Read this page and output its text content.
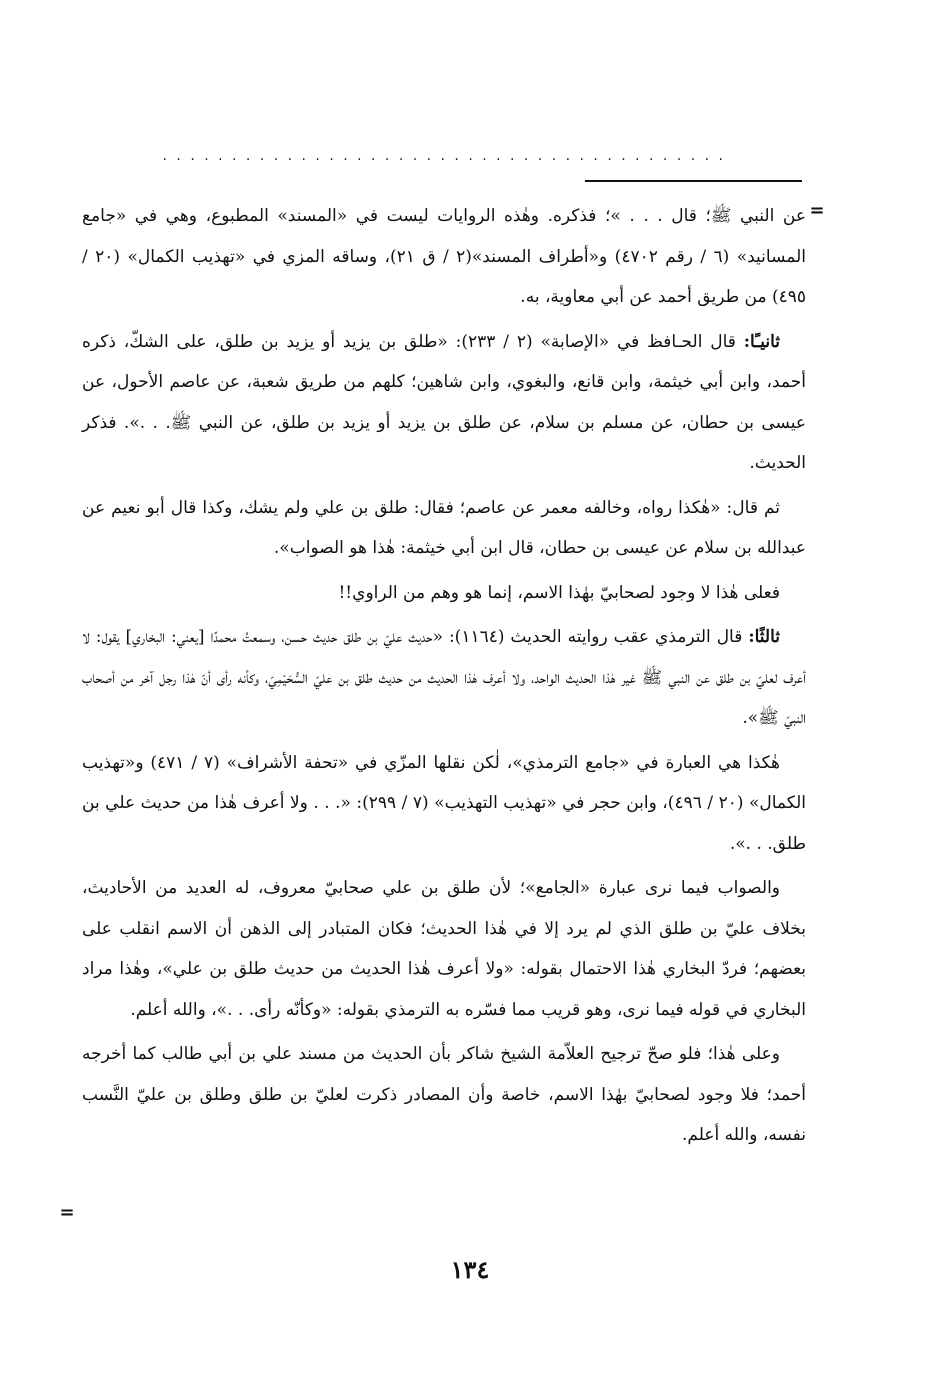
. . . . . . . . . . . . . . . . . . . . . . . . . . . . . . . . . . . . . . . . .
=
=

عن النبي ﷺ؛ قال . . . »؛ فذكره. وهٰذه الروايات ليست في «المسند» المطبوع، وهي في «جامع المسانيد» (٦ / رقم ٤٧٠٢) و«أطراف المسند»(٢ / ق ٢١)، وساقه المزي في «تهذيب الكمال» (٢٠ / ٤٩٥) من طريق أحمد عن أبي معاوية، به.

ثانيـًا: قال الحـافظ في «الإصابة» (٢ / ٢٣٣): «طلق بن يزيد أو يزيد بن طلق، على الشكّ، ذكره أحمد، وابن أبي خيثمة، وابن قانع، والبغوي، وابن شاهين؛ كلهم من طريق شعبة، عن عاصم الأحول، عن عيسى بن حطان، عن مسلم بن سلام، عن طلق بن يزيد أو يزيد بن طلق، عن النبي ﷺ. . .». فذكر الحديث.

ثم قال: «هٰكذا رواه، وخالفه معمر عن عاصم؛ فقال: طلق بن علي ولم يشك، وكذا قال أبو نعيم عن عبدالله بن سلام عن عيسى بن حطان، قال ابن أبي خيثمة: هٰذا هو الصواب».

فعلى هٰذا لا وجود لصحابيّ بهٰذا الاسم، إنما هو وهم من الراوي!!

ثالثًا: قال الترمذي عقب روايته الحديث (١١٦٤): «حديث عليّ بن طلق حديث حسن، وسمعتُ محمدًا [يعني: البخاري] يقول: لا أعرف لعليّ بن طلق عن النبي ﷺ غير هٰذا الحديث الواحد، ولا أعرف هٰذا الحديث من حديث طلق بن عليّ السُّحَيْمِيّ، وكأنه رأى أنّ هٰذا رجل آخر من أصحاب النبيّ ﷺ».

هٰكذا هي العبارة في «جامع الترمذي»، لٰكن نقلها المزّي في «تحفة الأشراف» (٧ / ٤٧١) و«تهذيب الكمال» (٢٠ / ٤٩٦)، وابن حجر في «تهذيب التهذيب» (٧ / ٢٩٩): «. . . ولا أعرف هٰذا من حديث علي بن طلق. . .».

والصواب فيما نرى عبارة «الجامع»؛ لأن طلق بن علي صحابيّ معروف، له العديد من الأحاديث، بخلاف عليّ بن طلق الذي لم يرد إلا في هٰذا الحديث؛ فكان المتبادر إلى الذهن أن الاسم انقلب على بعضهم؛ فردّ البخاري هٰذا الاحتمال بقوله: «ولا أعرف هٰذا الحديث من حديث طلق بن علي»، وهٰذا مراد البخاري في قوله فيما نرى، وهو قريب مما فسّره به الترمذي بقوله: «وكأنّه رأى. . .»، والله أعلم.

وعلى هٰذا؛ فلو صحّ ترجيح العلاّمة الشيخ شاكر بأن الحديث من مسند علي بن أبي طالب كما أخرجه أحمد؛ فلا وجود لصحابيّ بهٰذا الاسم، خاصة وأن المصادر ذكرت لعليّ بن طلق وطلق بن عليّ النَّسب نفسه، والله أعلم.

١٣٤
